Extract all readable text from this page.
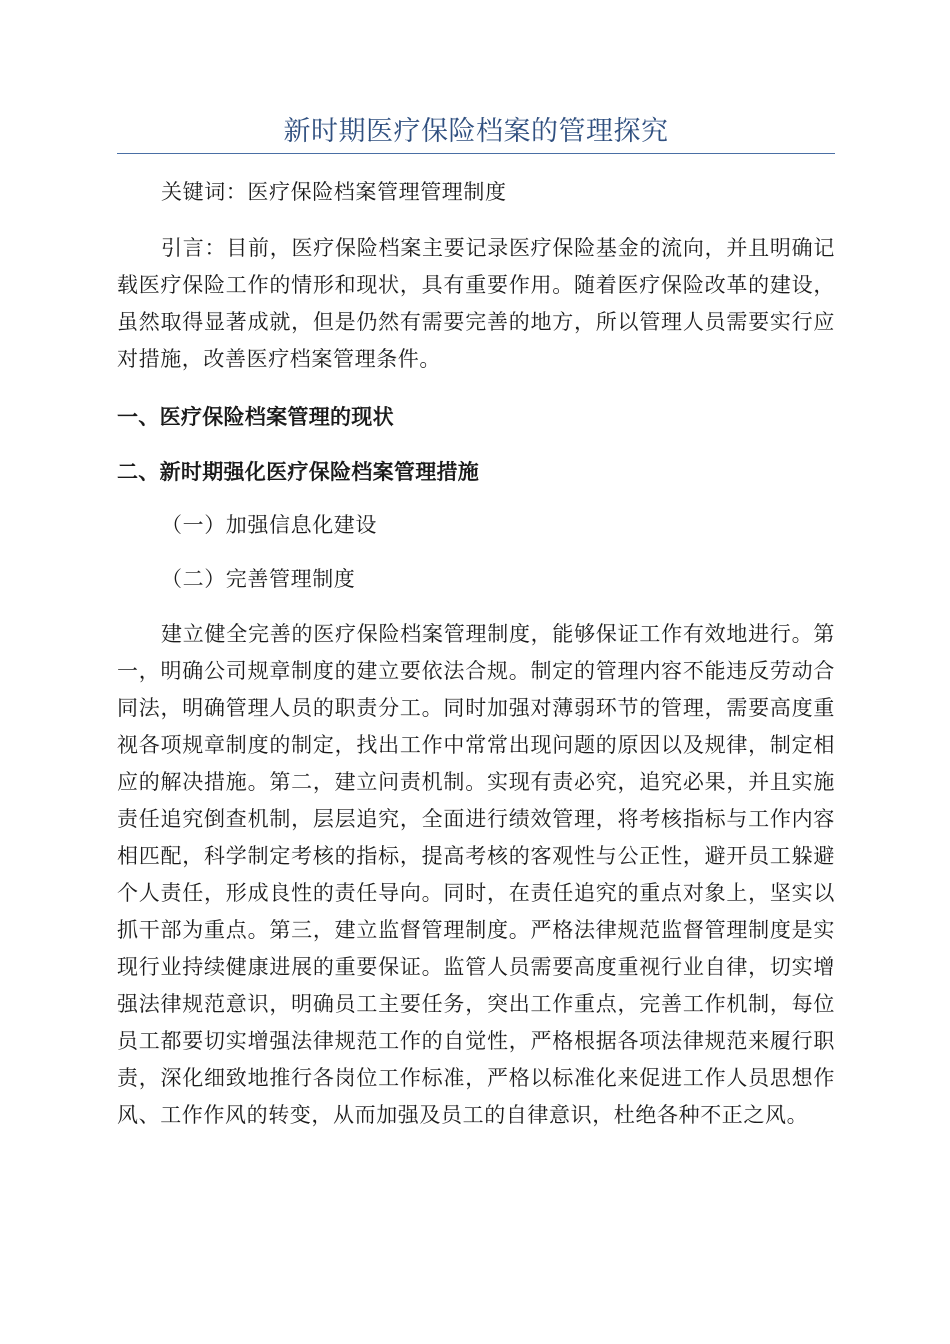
新时期医疗保险档案的管理探究

关键词：医疗保险档案管理管理制度

引言：目前，医疗保险档案主要记录医疗保险基金的流向，并且明确记载医疗保险工作的情形和现状，具有重要作用。随着医疗保险改革的建设，虽然取得显著成就，但是仍然有需要完善的地方，所以管理人员需要实行应对措施，改善医疗档案管理条件。

一、医疗保险档案管理的现状

二、新时期强化医疗保险档案管理措施

（一）加强信息化建设

（二）完善管理制度

建立健全完善的医疗保险档案管理制度，能够保证工作有效地进行。第一，明确公司规章制度的建立要依法合规。制定的管理内容不能违反劳动合同法，明确管理人员的职责分工。同时加强对薄弱环节的管理，需要高度重视各项规章制度的制定，找出工作中常常出现问题的原因以及规律，制定相应的解决措施。第二，建立问责机制。实现有责必究，追究必果，并且实施责任追究倒查机制，层层追究，全面进行绩效管理，将考核指标与工作内容相匹配，科学制定考核的指标，提高考核的客观性与公正性，避开员工躲避个人责任，形成良性的责任导向。同时，在责任追究的重点对象上，坚实以抓干部为重点。第三，建立监督管理制度。严格法律规范监督管理制度是实现行业持续健康进展的重要保证。监管人员需要高度重视行业自律，切实增强法律规范意识，明确员工主要任务，突出工作重点，完善工作机制，每位员工都要切实增强法律规范工作的自觉性，严格根据各项法律规范来履行职责，深化细致地推行各岗位工作标准，严格以标准化来促进工作人员思想作风、工作作风的转变，从而加强及员工的自律意识，杜绝各种不正之风。
